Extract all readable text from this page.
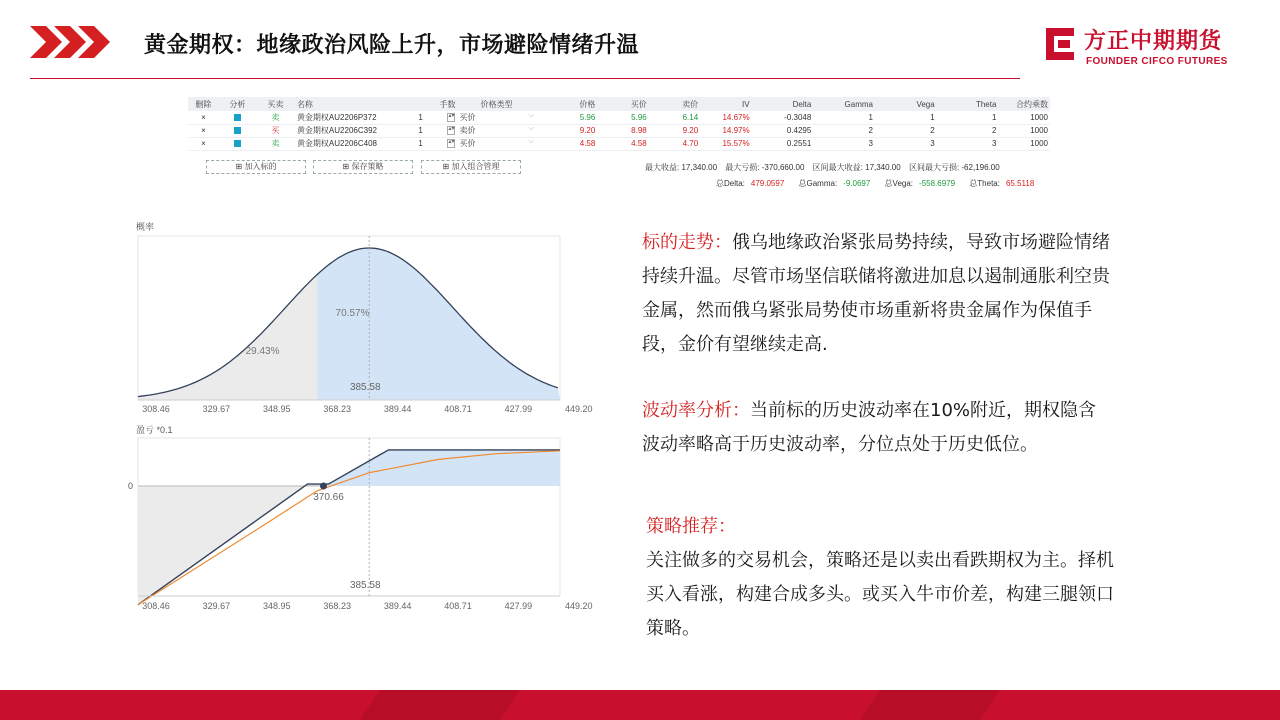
黄金期权：地缘政治风险上升，市场避险情绪升温	方正中期期货
FOUNDER CIFCO FUTURES
删除	分析	买卖	名称	手数	价格类型	价格	买价	卖价	IV	Delta	Gamma	Vega	Theta	合约乘数
×		卖	黄金期权AU2206P372	1 ▴▾	买价 ⌵	5.96	5.96	6.14	14.67%	-0.3048	1	1	1	1000
×		买	黄金期权AU2206C392	1 ▴▾	卖价 ⌵	9.20	8.98	9.20	14.97%	0.4295	2	2	2	1000
×		卖	黄金期权AU2206C408	1 ▴▾	买价 ⌵	4.58	4.58	4.70	15.57%	0.2551	3	3	3	1000
⊞ 加入标的	⊞ 保存策略	⊞ 加入组合管理	最大收益: 17,340.00 最大亏损: -370,660.00 区间最大收益: 17,340.00 区间最大亏损: -62,196.00
总Delta: 479.0597 总Gamma: -9.0697 总Vega: -558.6979 总Theta: 65.5118
概率
385.58
29.43%
70.57%
308.46	329.67	348.95	368.23	389.44	408.71	427.99	449.20
盈亏 *0.1
0
385.58
370.66
308.46	329.67	348.95	368.23	389.44	408.71	427.99	449.20
标的走势：俄乌地缘政治紧张局势持续，导致市场避险情绪持续升温。尽管市场坚信联储将激进加息以遏制通胀利空贵金属，然而俄乌紧张局势使市场重新将贵金属作为保值手段，金价有望继续走高.
波动率分析：当前标的历史波动率在10%附近，期权隐含波动率略高于历史波动率，分位点处于历史低位。
策略推荐：
关注做多的交易机会，策略还是以卖出看跌期权为主。择机买入看涨，构建合成多头。或买入牛市价差，构建三腿领口策略。
